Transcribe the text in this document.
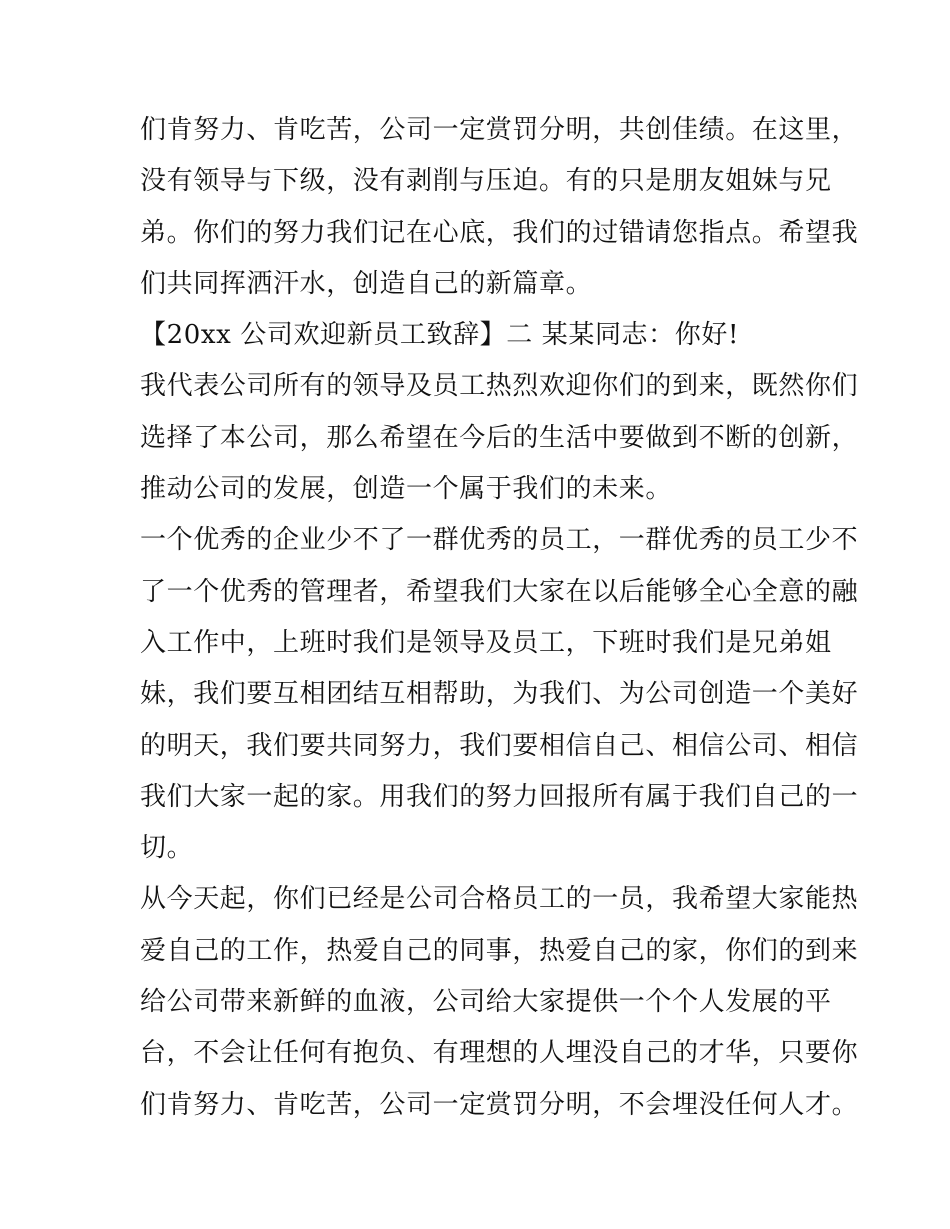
们肯努力、肯吃苦，公司一定赏罚分明，共创佳绩。在这里，
没有领导与下级，没有剥削与压迫。有的只是朋友姐妹与兄
弟。你们的努力我们记在心底，我们的过错请您指点。希望我
们共同挥洒汗水，创造自己的新篇章。
【20xx 公司欢迎新员工致辞】二 某某同志：你好!
我代表公司所有的领导及员工热烈欢迎你们的到来，既然你们
选择了本公司，那么希望在今后的生活中要做到不断的创新，
推动公司的发展，创造一个属于我们的未来。
一个优秀的企业少不了一群优秀的员工，一群优秀的员工少不
了一个优秀的管理者，希望我们大家在以后能够全心全意的融
入工作中，上班时我们是领导及员工，下班时我们是兄弟姐
妹，我们要互相团结互相帮助，为我们、为公司创造一个美好
的明天，我们要共同努力，我们要相信自己、相信公司、相信
我们大家一起的家。用我们的努力回报所有属于我们自己的一
切。
从今天起，你们已经是公司合格员工的一员，我希望大家能热
爱自己的工作，热爱自己的同事，热爱自己的家，你们的到来
给公司带来新鲜的血液，公司给大家提供一个个人发展的平
台，不会让任何有抱负、有理想的人埋没自己的才华，只要你
们肯努力、肯吃苦，公司一定赏罚分明，不会埋没任何人才。
